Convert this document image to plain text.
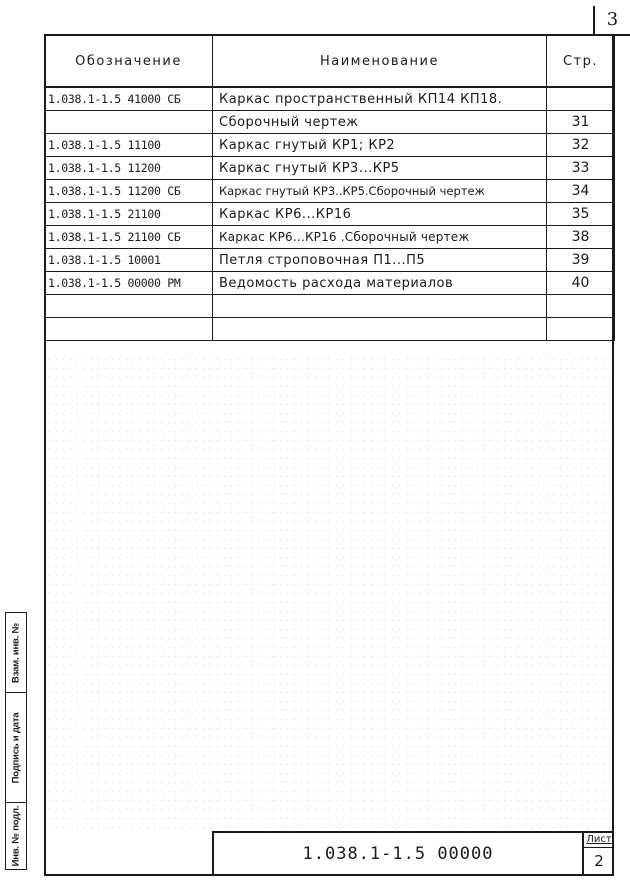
3
Обозначение	Наименование	Стр.
1.038.1-1.5 41000 СБ	Каркас пространственный КП14 КП18.	
	Сборочный чертеж	31
1.038.1-1.5 11100	Каркас гнутый КР1; КР2	32
1.038.1-1.5 11200	Каркас гнутый КР3...КР5	33
1.038.1-1.5 11200 СБ	Каркас гнутый КР3..КР5.Сборочный чертеж	34
1.038.1-1.5 21100	Каркас КР6...КР16	35
1.038.1-1.5 21100 СБ	Каркас КР6...КР16 .Сборочный чертеж	38
1.038.1-1.5 10001	Петля строповочная П1...П5	39
1.038.1-1.5 00000 РМ	Ведомость расхода материалов	40

Взам. инв. №
Подпись и дата
Инв. № подл.	1.038.1-1.5 00000
Лист
2
